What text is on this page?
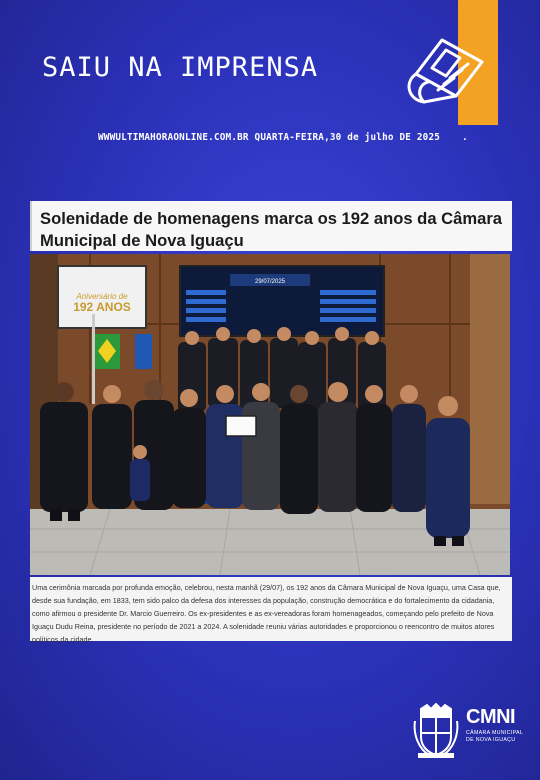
SAIU NA IMPRENSA
WWWULTIMAHORAONLINE.COM.BR QUARTA-FEIRA,30 de julho DE 2025 .
Solenidade de homenagens marca os 192 anos da Câmara Municipal de Nova Iguaçu
Aniversário de
192 ANOS
29/07/2025
Uma cerimônia marcada por profunda emoção, celebrou, nesta manhã (29/07), os 192 anos da Câmara Municipal de Nova Iguaçu, uma Casa que, desde sua fundação, em 1833, tem sido palco da defesa dos interesses da população, construção democrática e do fortalecimento da cidadania, como afirmou o presidente Dr. Marcio Guerreiro. Os ex-presidentes e as ex-vereadoras foram homenageados, começando pelo prefeito de Nova Iguaçu Dudu Reina, presidente no período de 2021 a 2024. A solenidade reuniu várias autoridades e proporcionou o reencontro de muitos atores políticos da cidade.
CMNI
CÂMARA MUNICIPAL
DE NOVA IGUAÇU
